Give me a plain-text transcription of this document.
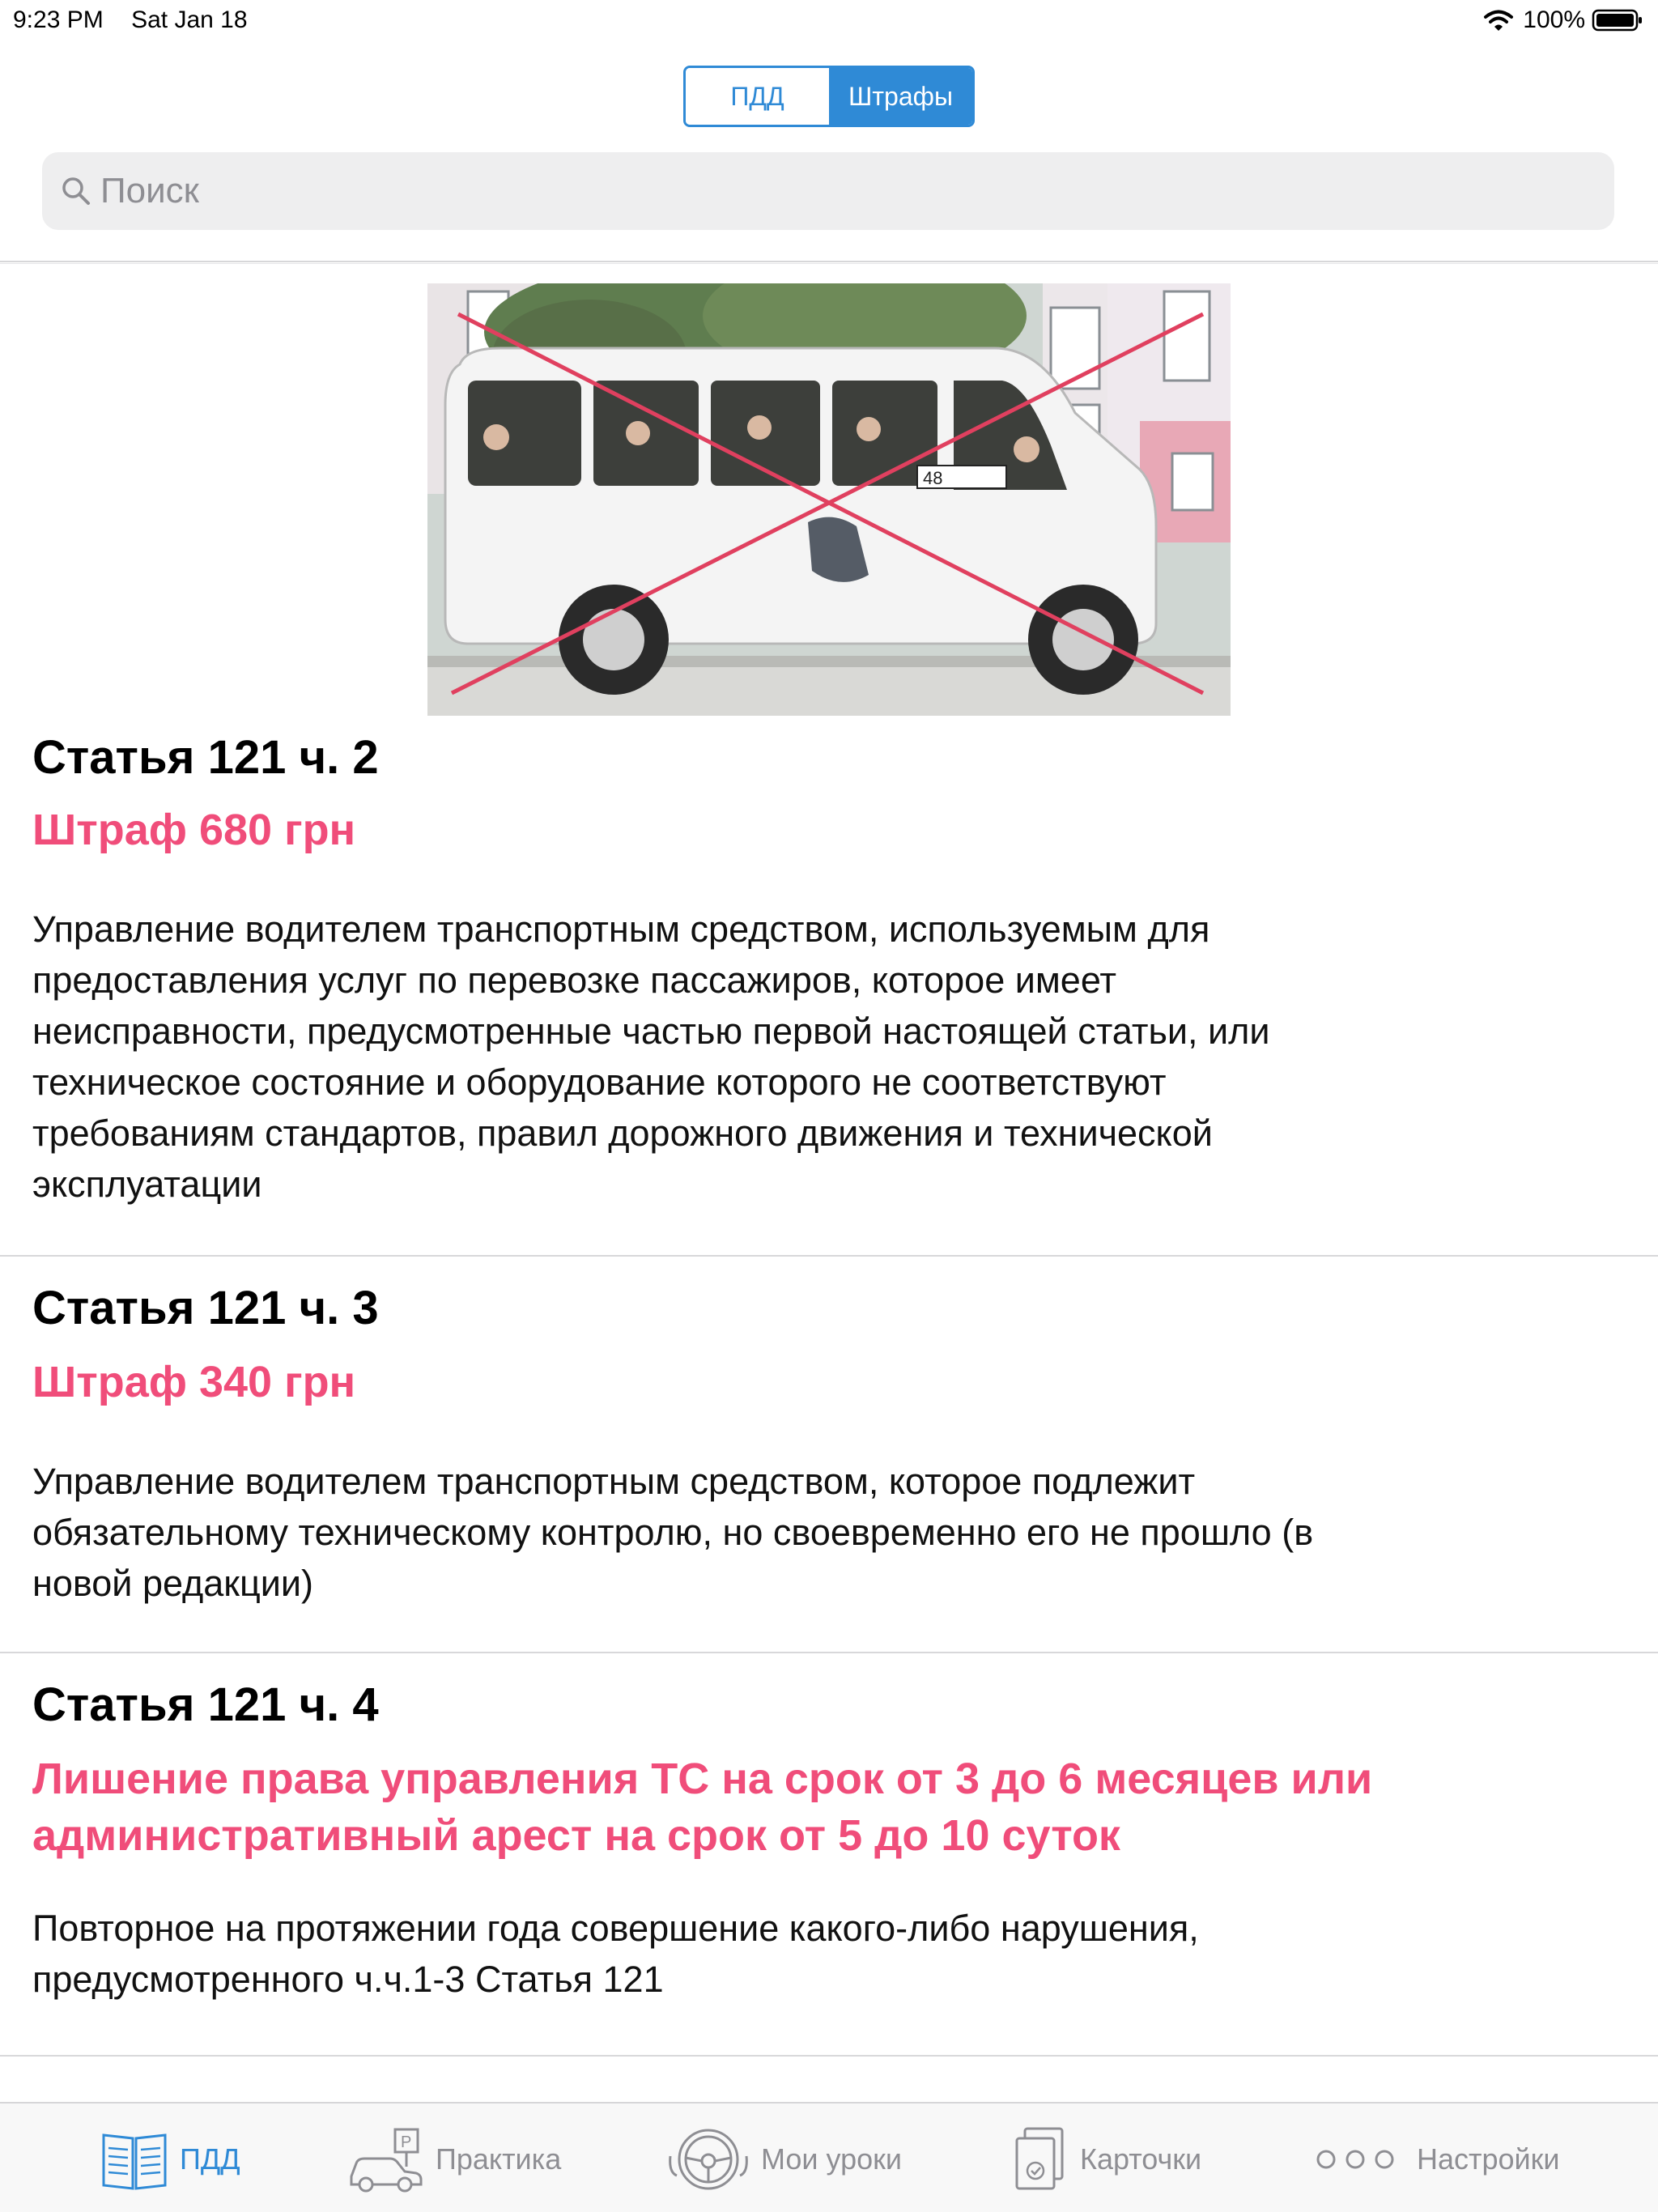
9:23 PM Sat Jan 18	100%
ПДД	Штрафы
Поиск
48
Статья 121 ч. 2
Штраф 680 грн
Управление водителем транспортным средством, используемым для
предоставления услуг по перевозке пассажиров, которое имеет
неисправности, предусмотренные частью первой настоящей статьи, или
техническое состояние и оборудование которого не соответствуют
требованиям стандартов, правил дорожного движения и технической
эксплуатации
Статья 121 ч. 3
Штраф 340 грн
Управление водителем транспортным средством, которое подлежит
обязательному техническому контролю, но своевременно его не прошло (в
новой редакции)
Статья 121 ч. 4
Лишение права управления ТС на срок от 3 до 6 месяцев или
административный арест на срок от 5 до 10 суток
Повторное на протяжении года совершение какого-либо нарушения,
предусмотренного ч.ч.1-3 Статья 121
ПДД	P Практика	Мои уроки	Карточки	Настройки
